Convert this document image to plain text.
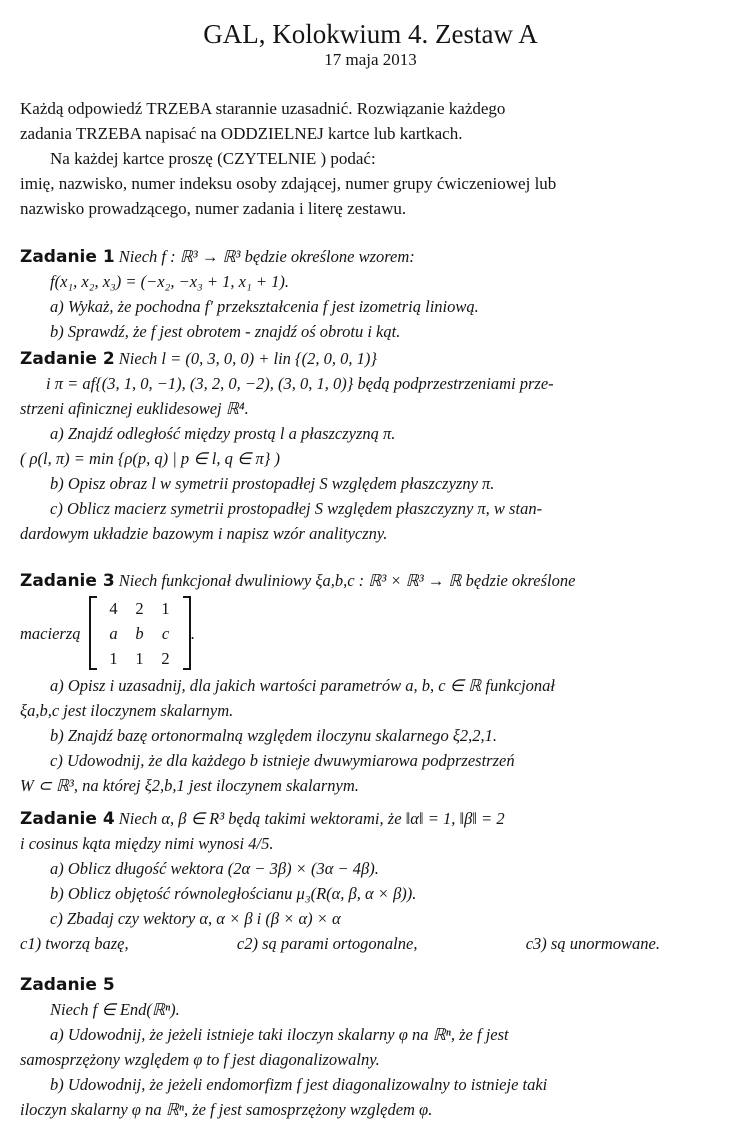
GAL, Kolokwium 4. Zestaw A
17 maja 2013
Każdą odpowiedź TRZEBA starannie uzasadnić. Rozwiązanie każdego
zadania TRZEBA napisać na ODDZIELNEJ kartce lub kartkach.
Na każdej kartce proszę (CZYTELNIE ) podać:
imię, nazwisko, numer indeksu osoby zdającej, numer grupy ćwiczeniowej lub
nazwisko prowadzącego, numer zadania i literę zestawu.
Zadanie 1 Niech f : ℝ³ → ℝ³ będzie określone wzorem:
f(x₁, x₂, x₃) = (−x₂, −x₃ + 1, x₁ + 1).
a) Wykaż, że pochodna f′ przekształcenia f jest izometrią liniową.
b) Sprawdź, że f jest obrotem - znajdź oś obrotu i kąt.
Zadanie 2 Niech l = (0, 3, 0, 0) + lin {(2, 0, 0, 1)}
i π = af{(3, 1, 0, −1), (3, 2, 0, −2), (3, 0, 1, 0)} będą podprzestrzeniami prze-
strzeni afinicznej euklidesowej ℝ⁴.
a) Znajdź odległość między prostą l a płaszczyzną π.
( ρ(l, π) = min {ρ(p, q) | p ∈ l, q ∈ π} )
b) Opisz obraz l w symetrii prostopadłej S względem płaszczyzny π.
c) Oblicz macierz symetrii prostopadłej S względem płaszczyzny π, w stan-
dardowym układzie bazowym i napisz wzór analityczny.
Zadanie 3 Niech funkcjonał dwuliniowy ξa,b,c : ℝ³ × ℝ³ → ℝ będzie określone
macierzą
4	2	1
a	b	c
1	1	2
.
a) Opisz i uzasadnij, dla jakich wartości parametrów a, b, c ∈ ℝ funkcjonał
ξa,b,c jest iloczynem skalarnym.
b) Znajdź bazę ortonormalną względem iloczynu skalarnego ξ2,2,1.
c) Udowodnij, że dla każdego b istnieje dwuwymiarowa podprzestrzeń
W ⊂ ℝ³, na której ξ2,b,1 jest iloczynem skalarnym.
Zadanie 4 Niech α, β ∈ R³ będą takimi wektorami, że ‖α‖ = 1, ‖β‖ = 2
i cosinus kąta między nimi wynosi 4/5.
a) Oblicz długość wektora (2α − 3β) × (3α − 4β).
b) Oblicz objętość równoległościanu μ₃(R(α, β, α × β)).
c) Zbadaj czy wektory α, α × β i (β × α) × α
c1) tworzą bazę,	c2) są parami ortogonalne,	c3) są unormowane.
Zadanie 5
Niech f ∈ End(ℝⁿ).
a) Udowodnij, że jeżeli istnieje taki iloczyn skalarny φ na ℝⁿ, że f jest
samosprzężony względem φ to f jest diagonalizowalny.
b) Udowodnij, że jeżeli endomorfizm f jest diagonalizowalny to istnieje taki
iloczyn skalarny φ na ℝⁿ, że f jest samosprzężony względem φ.
